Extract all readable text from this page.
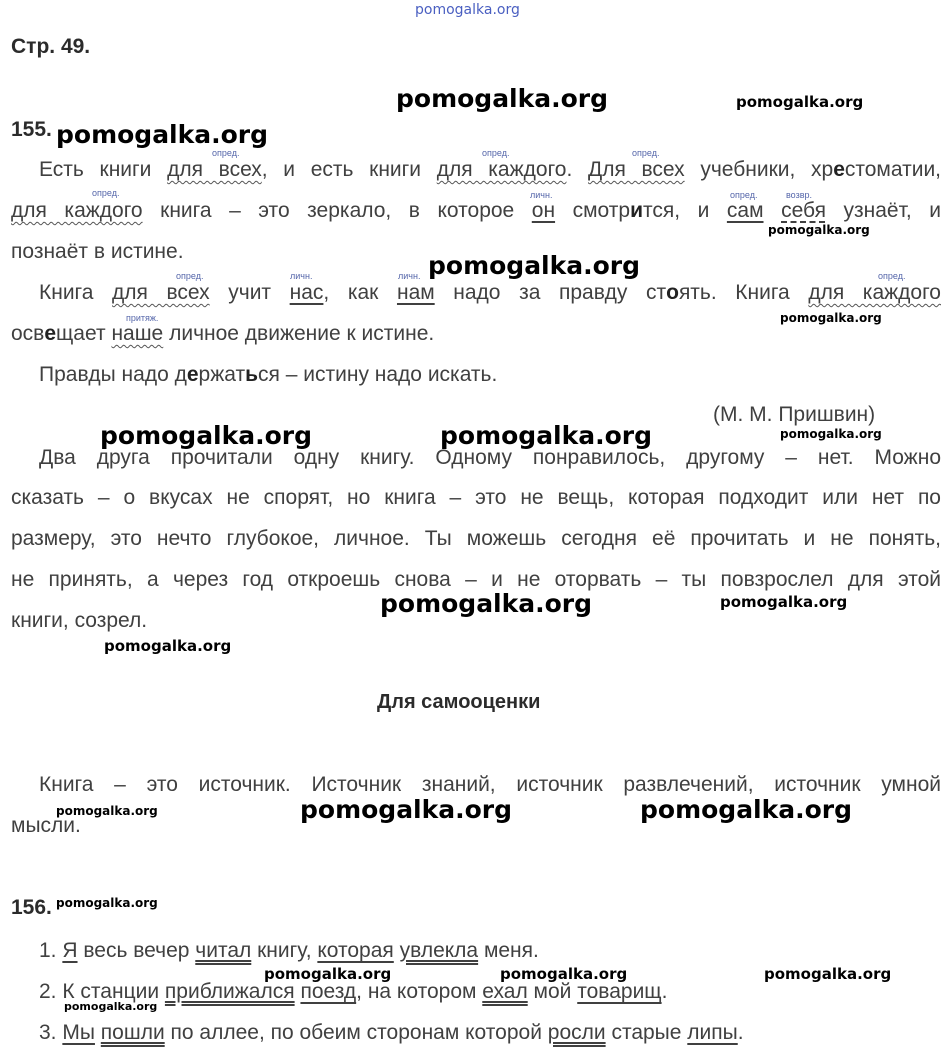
pomogalka.org
Стр. 49.
155.
опред.	опред.	опред.
опред.	личн.	опред.	возвр.
опред.	личн.	личн.	опред.
притяж.
Есть книги для всех, и есть книги для каждого. Для всех учебники, хрестоматии,
для каждого книга – это зеркало, в которое он смотрится, и сам себя узнаёт, и
познаёт в истине.
Книга для всех учит нас, как нам надо за правду стоять. Книга для каждого
освещает наше личное движение к истине.
Правды надо держаться – истину надо искать.
(М. М. Пришвин)
Два друга прочитали одну книгу. Одному понравилось, другому – нет. Можно
сказать – о вкусах не спорят, но книга – это не вещь, которая подходит или нет по
размеру, это нечто глубокое, личное. Ты можешь сегодня её прочитать и не понять,
не принять, а через год откроешь снова – и не оторвать – ты повзрослел для этой
книги, созрел.
Для самооценки
Книга – это источник. Источник знаний, источник развлечений, источник умной
мысли.
156.
1. Я весь вечер читал книгу, которая увлекла меня.
2. К станции приближался поезд, на котором ехал мой товарищ.
3. Мы пошли по аллее, по обеим сторонам которой росли старые липы.
pomogalka.org	pomogalka.org
pomogalka.org
pomogalka.org
pomogalka.org
pomogalka.org
pomogalka.org	pomogalka.org	pomogalka.org
pomogalka.org	pomogalka.org
pomogalka.org
pomogalka.org	pomogalka.org
pomogalka.org
pomogalka.org
pomogalka.org	pomogalka.org	pomogalka.org
pomogalka.org
